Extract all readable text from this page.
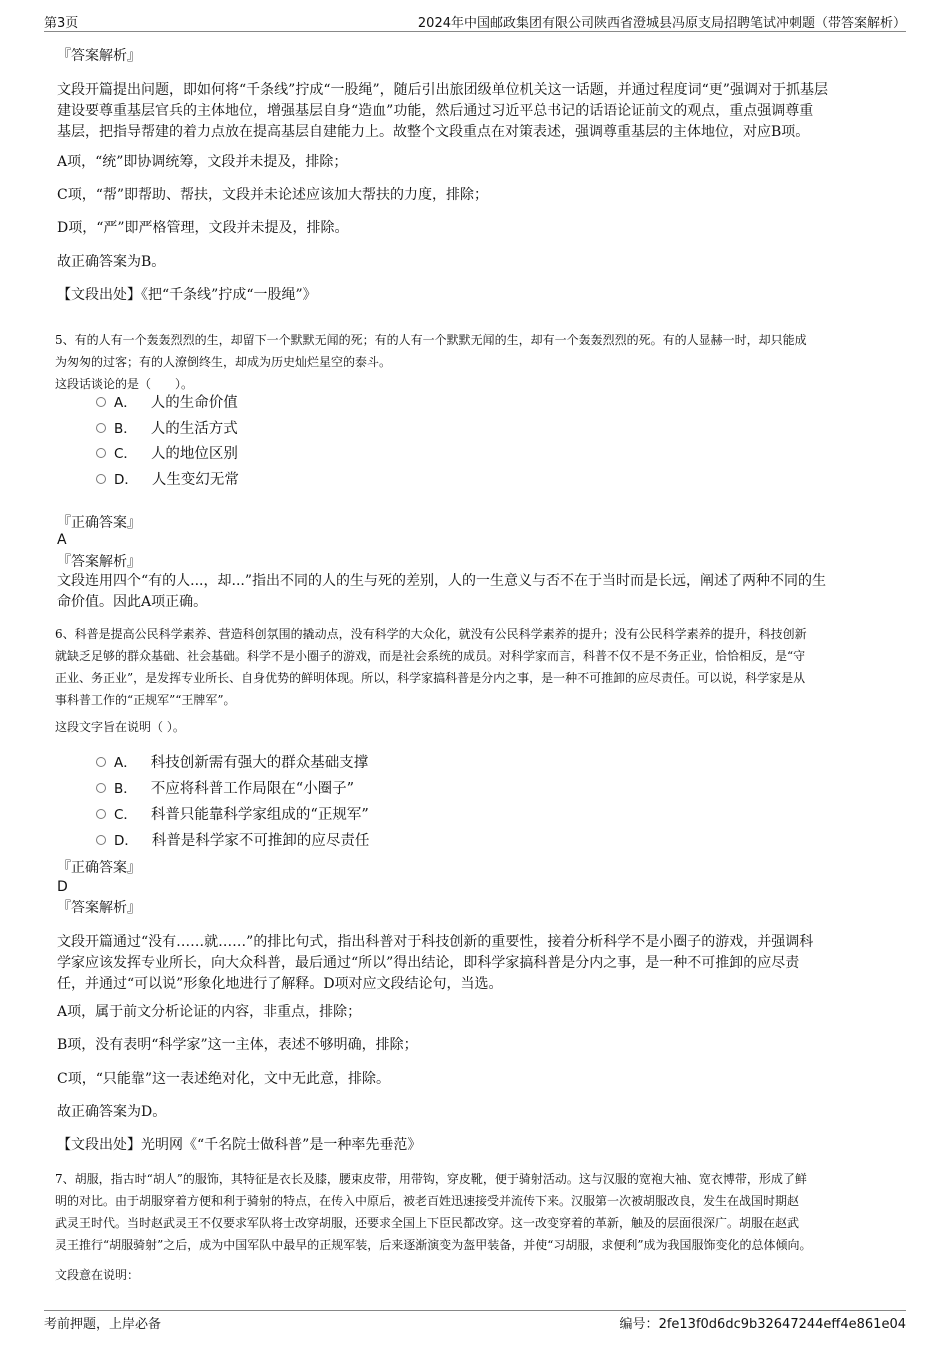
第3页	2024年中国邮政集团有限公司陕西省澄城县冯原支局招聘笔试冲刺题（带答案解析）
『答案解析』
文段开篇提出问题，即如何将“千条线”拧成“一股绳”，随后引出旅团级单位机关这一话题，并通过程度词“更”强调对于抓基层
建设要尊重基层官兵的主体地位，增强基层自身“造血”功能，然后通过习近平总书记的话语论证前文的观点，重点强调尊重
基层，把指导帮建的着力点放在提高基层自建能力上。故整个文段重点在对策表述，强调尊重基层的主体地位，对应B项。
A项，“统”即协调统筹，文段并未提及，排除；
C项，“帮”即帮助、帮扶，文段并未论述应该加大帮扶的力度，排除；
D项，“严”即严格管理，文段并未提及，排除。
故正确答案为B。
【文段出处】《把“千条线”拧成“一股绳”》
5、有的人有一个轰轰烈烈的生，却留下一个默默无闻的死；有的人有一个默默无闻的生，却有一个轰轰烈烈的死。有的人显赫一时，却只能成
为匆匆的过客；有的人潦倒终生，却成为历史灿烂星空的泰斗。
这段话谈论的是（　　）。
A． 人的生命价值
B． 人的生活方式
C． 人的地位区别
D． 人生变幻无常
『正确答案』
A
『答案解析』
文段连用四个“有的人...，却...”指出不同的人的生与死的差别，人的一生意义与否不在于当时而是长远，阐述了两种不同的生
命价值。因此A项正确。
6、科普是提高公民科学素养、营造科创氛围的撬动点，没有科学的大众化，就没有公民科学素养的提升；没有公民科学素养的提升，科技创新
就缺乏足够的群众基础、社会基础。科学不是小圈子的游戏，而是社会系统的成员。对科学家而言，科普不仅不是不务正业，恰恰相反，是“守
正业、务正业”，是发挥专业所长、自身优势的鲜明体现。所以，科学家搞科普是分内之事，是一种不可推卸的应尽责任。可以说，科学家是从
事科普工作的“正规军”“王牌军”。
这段文字旨在说明（ ）。
A． 科技创新需有强大的群众基础支撑
B． 不应将科普工作局限在“小圈子”
C． 科普只能靠科学家组成的“正规军”
D． 科普是科学家不可推卸的应尽责任
『正确答案』
D
『答案解析』
文段开篇通过“没有……就……”的排比句式，指出科普对于科技创新的重要性，接着分析科学不是小圈子的游戏，并强调科
学家应该发挥专业所长，向大众科普，最后通过“所以”得出结论，即科学家搞科普是分内之事，是一种不可推卸的应尽责
任，并通过“可以说”形象化地进行了解释。D项对应文段结论句，当选。
A项，属于前文分析论证的内容，非重点，排除；
B项，没有表明“科学家”这一主体，表述不够明确，排除；
C项，“只能靠”这一表述绝对化，文中无此意，排除。
故正确答案为D。
【文段出处】光明网《“千名院士做科普”是一种率先垂范》
7、胡服，指古时“胡人”的服饰，其特征是衣长及膝，腰束皮带，用带钩，穿皮靴，便于骑射活动。这与汉服的宽袍大袖、宽衣博带，形成了鲜
明的对比。由于胡服穿着方便和利于骑射的特点，在传入中原后，被老百姓迅速接受并流传下来。汉服第一次被胡服改良，发生在战国时期赵
武灵王时代。当时赵武灵王不仅要求军队将士改穿胡服，还要求全国上下臣民都改穿。这一改变穿着的革新，触及的层面很深广。胡服在赵武
灵王推行“胡服骑射”之后，成为中国军队中最早的正规军装，后来逐渐演变为盔甲装备，并使“习胡服，求便利”成为我国服饰变化的总体倾向。
文段意在说明：
考前押题，上岸必备	编号：2fe13f0d6dc9b32647244eff4e861e04
